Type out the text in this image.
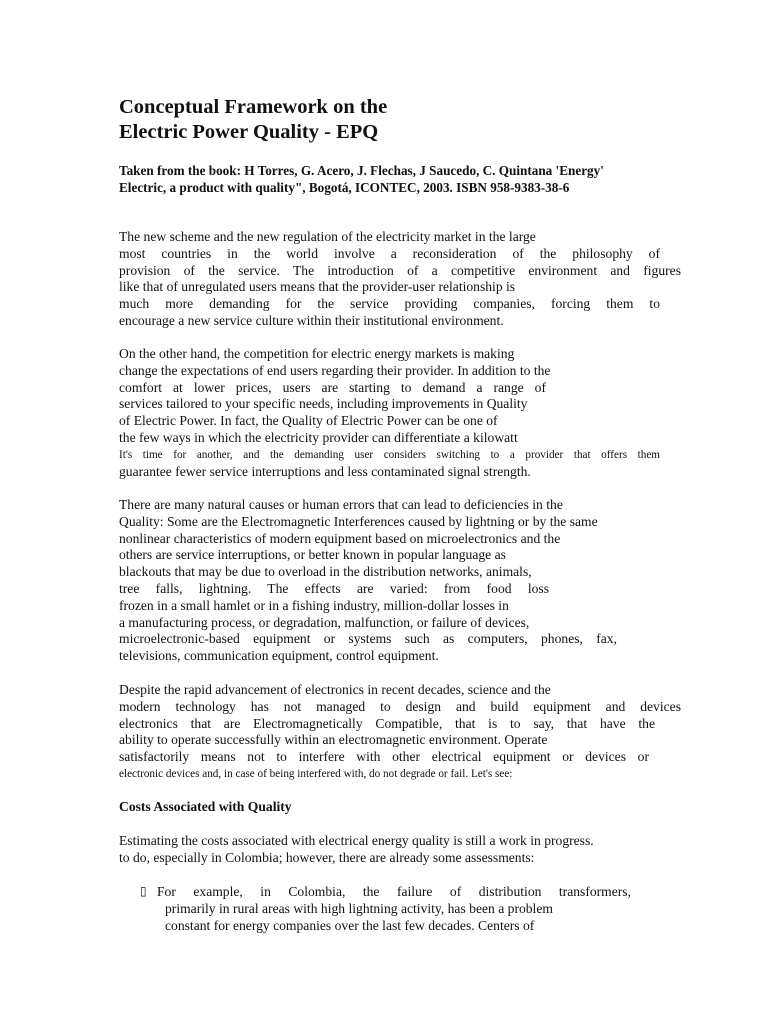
Conceptual Framework on the
Electric Power Quality - EPQ

Taken from the book: H Torres, G. Acero, J. Flechas, J Saucedo, C. Quintana 'Energy'
Electric, a product with quality", Bogotá, ICONTEC, 2003. ISBN 958-9383-38-6

The new scheme and the new regulation of the electricity market in the large
most countries in the world involve a reconsideration of the philosophy of
provision of the service. The introduction of a competitive environment and figures
like that of unregulated users means that the provider-user relationship is
much more demanding for the service providing companies, forcing them to
encourage a new service culture within their institutional environment.

On the other hand, the competition for electric energy markets is making
change the expectations of end users regarding their provider. In addition to the
comfort at lower prices, users are starting to demand a range of
services tailored to your specific needs, including improvements in Quality
of Electric Power. In fact, the Quality of Electric Power can be one of
the few ways in which the electricity provider can differentiate a kilowatt
It's time for another, and the demanding user considers switching to a provider that offers them
guarantee fewer service interruptions and less contaminated signal strength.

There are many natural causes or human errors that can lead to deficiencies in the
Quality: Some are the Electromagnetic Interferences caused by lightning or by the same
nonlinear characteristics of modern equipment based on microelectronics and the
others are service interruptions, or better known in popular language as
blackouts that may be due to overload in the distribution networks, animals,
tree falls, lightning. The effects are varied: from food loss
frozen in a small hamlet or in a fishing industry, million-dollar losses in
a manufacturing process, or degradation, malfunction, or failure of devices,
microelectronic-based equipment or systems such as computers, phones, fax,
televisions, communication equipment, control equipment.

Despite the rapid advancement of electronics in recent decades, science and the
modern technology has not managed to design and build equipment and devices
electronics that are Electromagnetically Compatible, that is to say, that have the
ability to operate successfully within an electromagnetic environment. Operate
satisfactorily means not to interfere with other electrical equipment or devices or
electronic devices and, in case of being interfered with, do not degrade or fail. Let's see:

Costs Associated with Quality

Estimating the costs associated with electrical energy quality is still a work in progress.
to do, especially in Colombia; however, there are already some assessments:

▯ For example, in Colombia, the failure of distribution transformers,
primarily in rural areas with high lightning activity, has been a problem
constant for energy companies over the last few decades. Centers of
